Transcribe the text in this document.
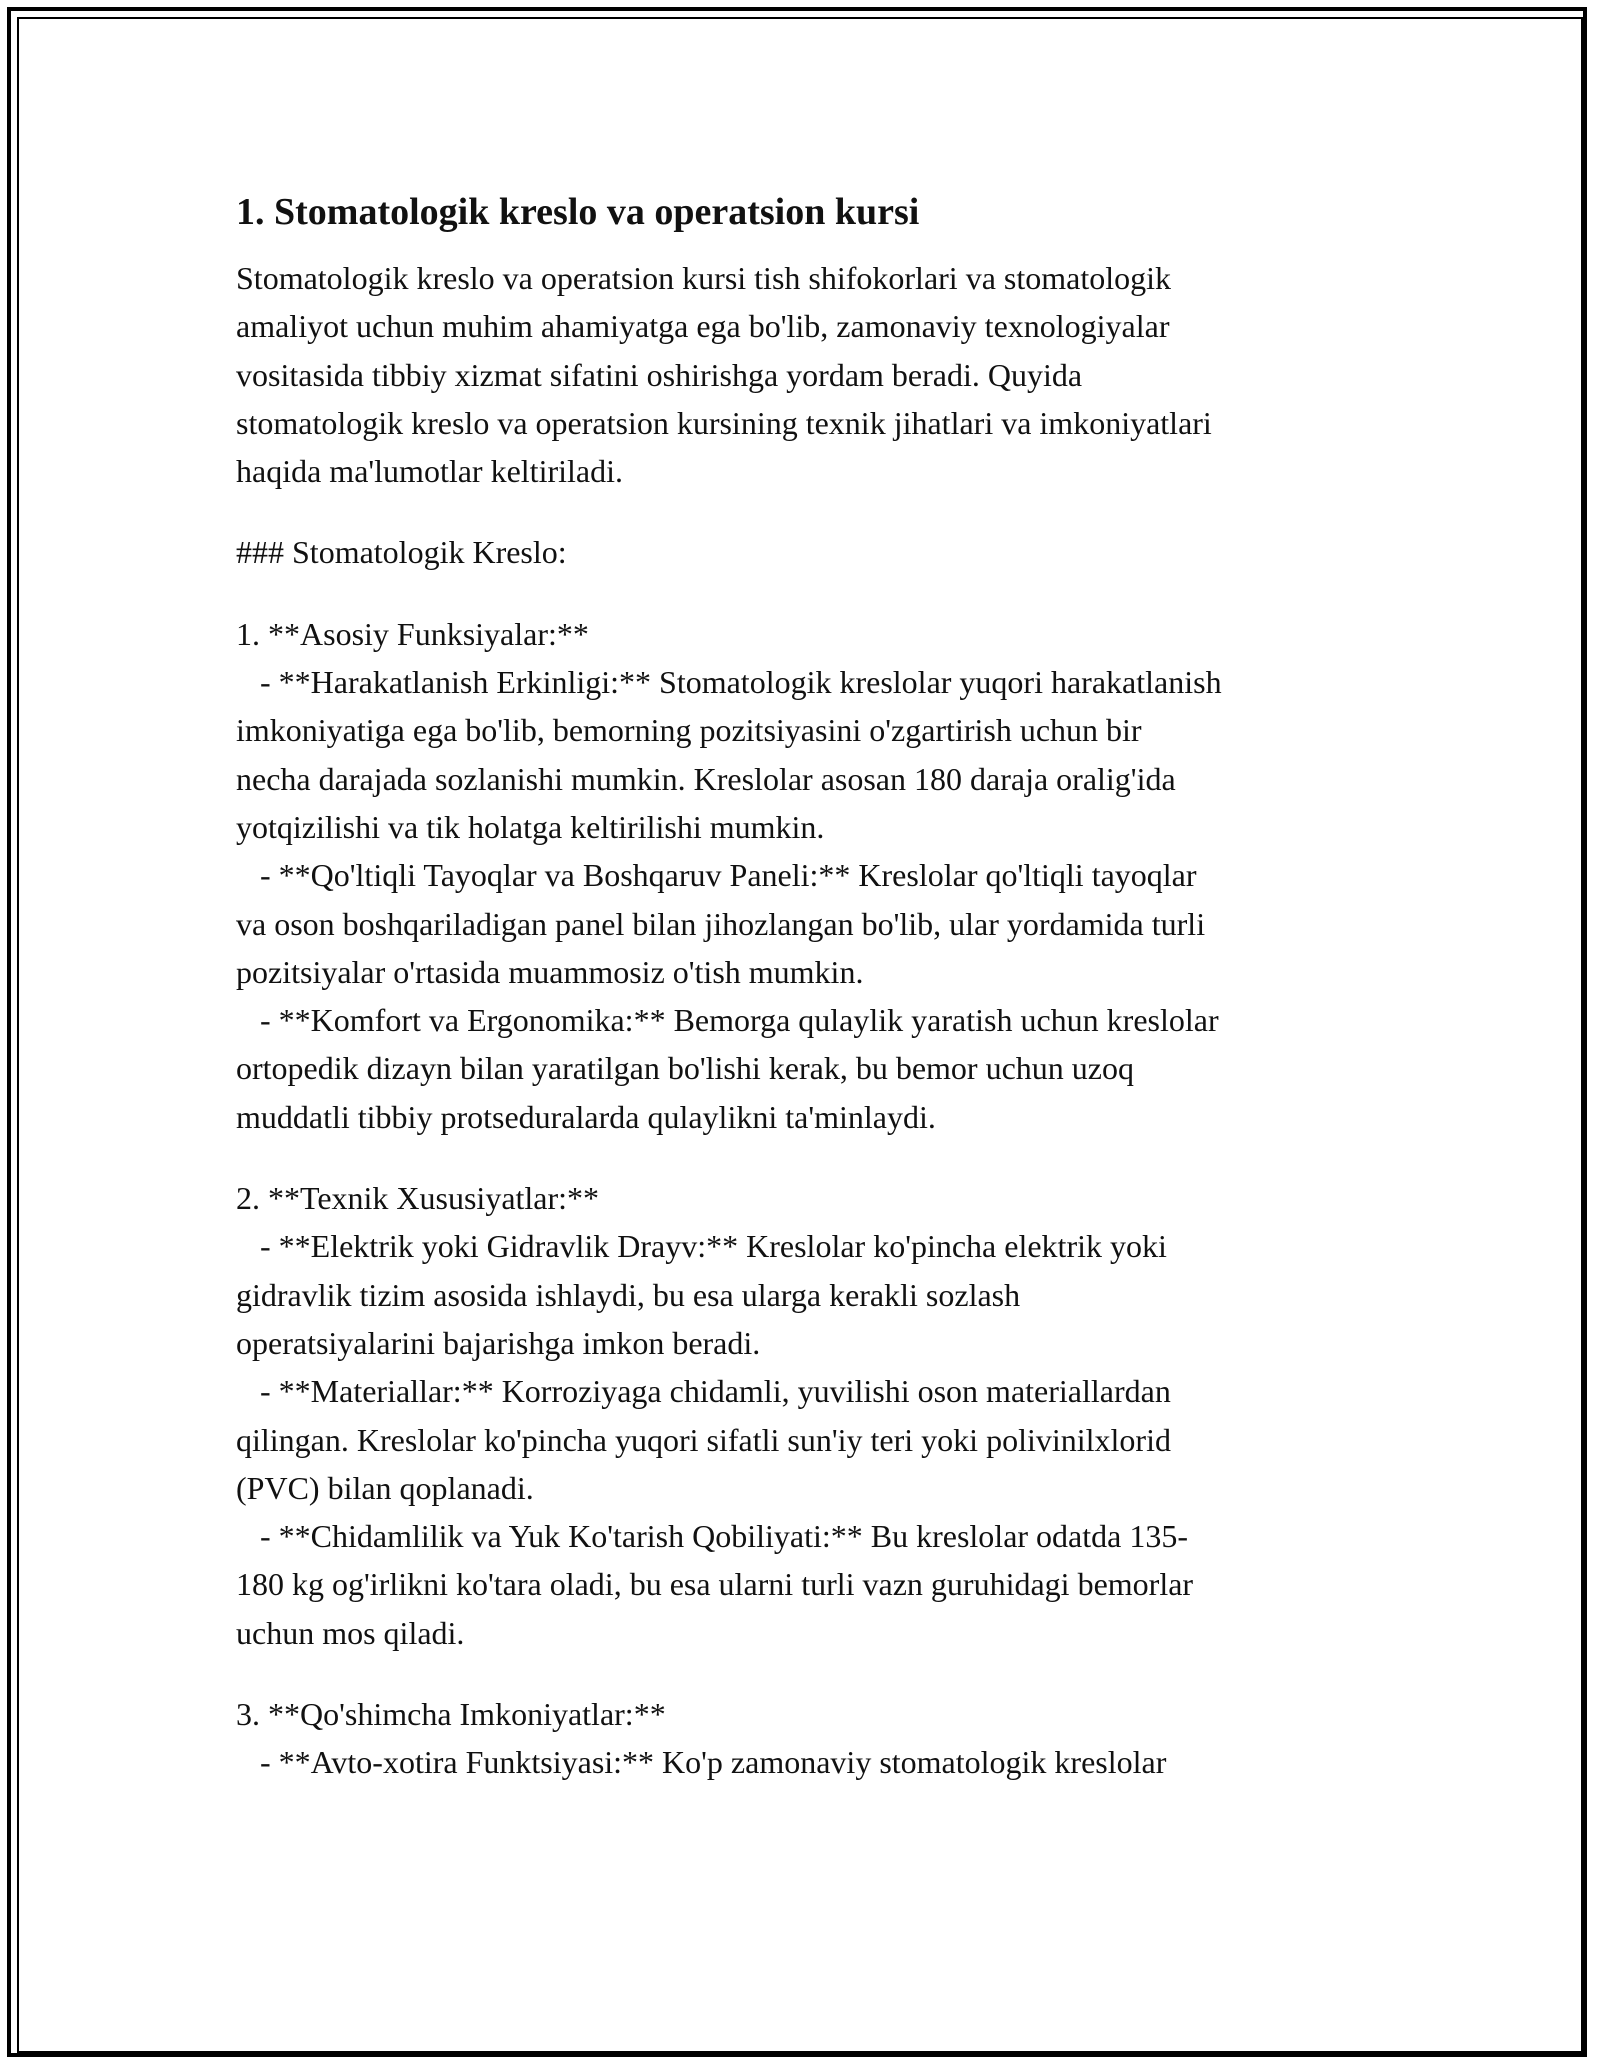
1. Stomatologik kreslo va operatsion kursi

Stomatologik kreslo va operatsion kursi tish shifokorlari va stomatologik

amaliyot uchun muhim ahamiyatga ega bo'lib, zamonaviy texnologiyalar

vositasida tibbiy xizmat sifatini oshirishga yordam beradi. Quyida

stomatologik kreslo va operatsion kursining texnik jihatlari va imkoniyatlari

haqida ma'lumotlar keltiriladi.

### Stomatologik Kreslo:

1. **Asosiy Funksiyalar:**

- **Harakatlanish Erkinligi:** Stomatologik kreslolar yuqori harakatlanish

imkoniyatiga ega bo'lib, bemorning pozitsiyasini o'zgartirish uchun bir

necha darajada sozlanishi mumkin. Kreslolar asosan 180 daraja oralig'ida

yotqizilishi va tik holatga keltirilishi mumkin.

- **Qo'ltiqli Tayoqlar va Boshqaruv Paneli:** Kreslolar qo'ltiqli tayoqlar

va oson boshqariladigan panel bilan jihozlangan bo'lib, ular yordamida turli

pozitsiyalar o'rtasida muammosiz o'tish mumkin.

- **Komfort va Ergonomika:** Bemorga qulaylik yaratish uchun kreslolar

ortopedik dizayn bilan yaratilgan bo'lishi kerak, bu bemor uchun uzoq

muddatli tibbiy protseduralarda qulaylikni ta'minlaydi.

2. **Texnik Xususiyatlar:**

- **Elektrik yoki Gidravlik Drayv:** Kreslolar ko'pincha elektrik yoki

gidravlik tizim asosida ishlaydi, bu esa ularga kerakli sozlash

operatsiyalarini bajarishga imkon beradi.

- **Materiallar:** Korroziyaga chidamli, yuvilishi oson materiallardan

qilingan. Kreslolar ko'pincha yuqori sifatli sun'iy teri yoki polivinilxlorid

(PVC) bilan qoplanadi.

- **Chidamlilik va Yuk Ko'tarish Qobiliyati:** Bu kreslolar odatda 135-

180 kg og'irlikni ko'tara oladi, bu esa ularni turli vazn guruhidagi bemorlar

uchun mos qiladi.

3. **Qo'shimcha Imkoniyatlar:**

- **Avto-xotira Funktsiyasi:** Ko'p zamonaviy stomatologik kreslolar
